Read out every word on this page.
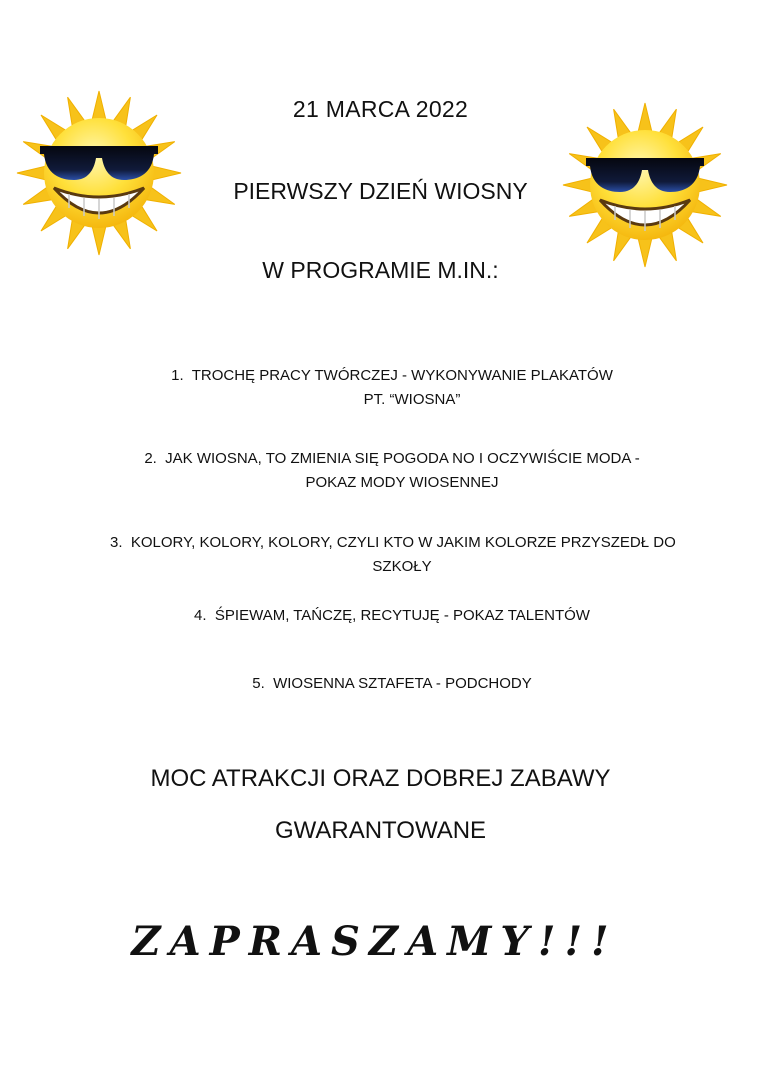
21 MARCA 2022
PIERWSZY DZIEŃ WIOSNY
W PROGRAMIE M.IN.:
1. TROCHĘ PRACY TWÓRCZEJ - WYKONYWANIE PLAKATÓW
PT. “WIOSNA”
2. JAK WIOSNA, TO ZMIENIA SIĘ POGODA NO I OCZYWIŚCIE MODA -
POKAZ MODY WIOSENNEJ
3. KOLORY, KOLORY, KOLORY, CZYLI KTO W JAKIM KOLORZE PRZYSZEDŁ DO
SZKOŁY
4. ŚPIEWAM, TAŃCZĘ, RECYTUJĘ - POKAZ TALENTÓW
5. WIOSENNA SZTAFETA - PODCHODY
MOC ATRAKCJI ORAZ DOBREJ ZABAWY
GWARANTOWANE
ZAPRASZAMY!!!
